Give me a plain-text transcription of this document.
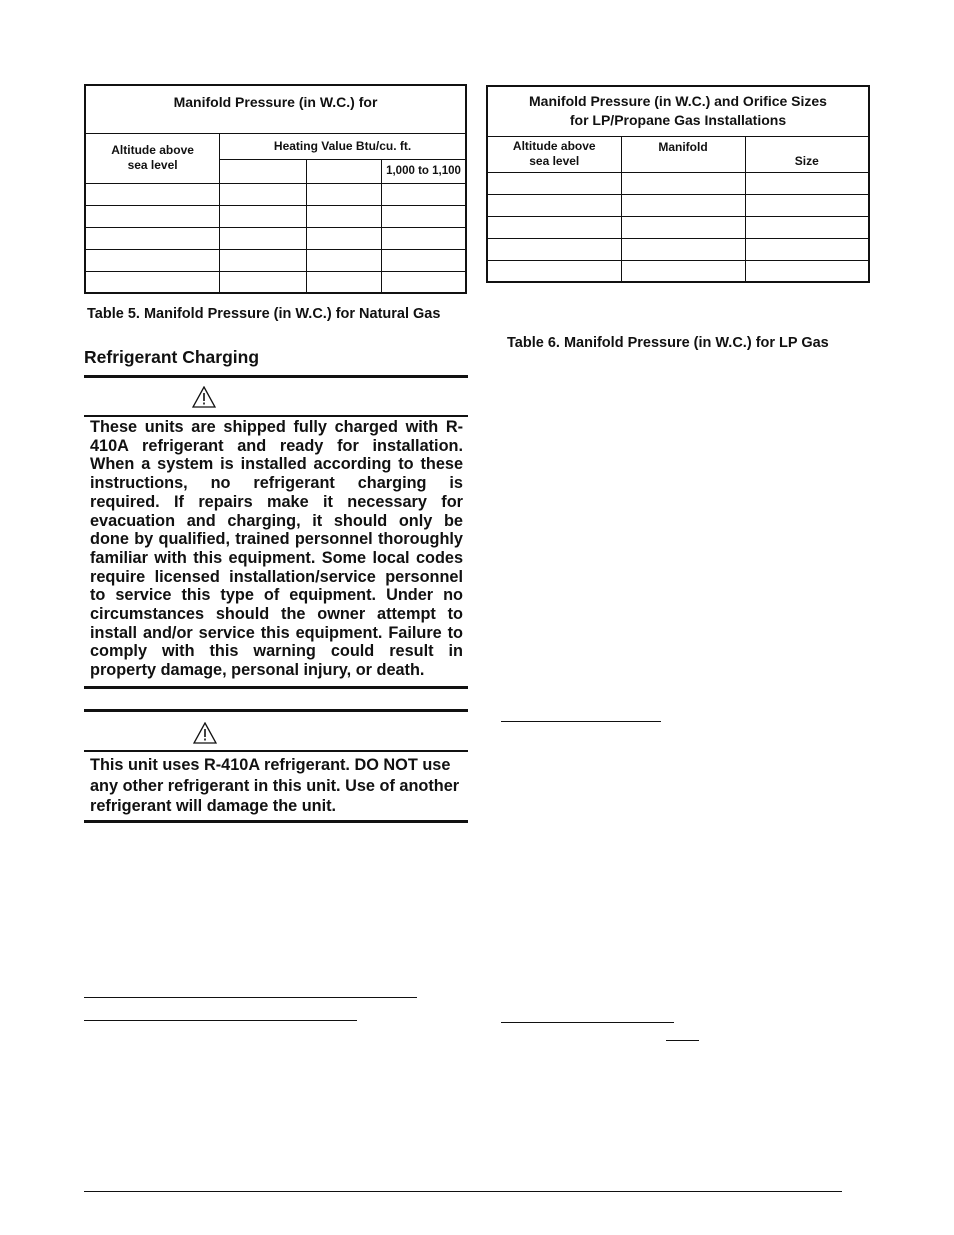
Manifold Pressure (in W.C.) for			
Altitude above sea level	Heating Value Btu/cu. ft.		
			1,000 to 1,100

Table 5. Manifold Pressure (in W.C.) for Natural Gas
Manifold Pressure (in W.C.) and Orifice Sizes
for LP/Propane Gas Installations		

Altitude above sea level	Manifold	Size

Table 6. Manifold Pressure (in W.C.) for LP Gas
Refrigerant Charging
These units are shipped fully charged with R-410A refrigerant and ready for installation. When a system is installed according to these instructions, no refrigerant charging is required. If repairs make it necessary for evacuation and charging, it should only be done by qualified, trained personnel thoroughly familiar with this equipment. Some local codes require licensed installation/service personnel to service this type of equipment. Under no circumstances should the owner attempt to install and/or service this equipment. Failure to comply with this warning could result in property damage, personal injury, or death.
This unit uses R-410A refrigerant. DO NOT use any other refrigerant in this unit. Use of another refrigerant will damage the unit.
